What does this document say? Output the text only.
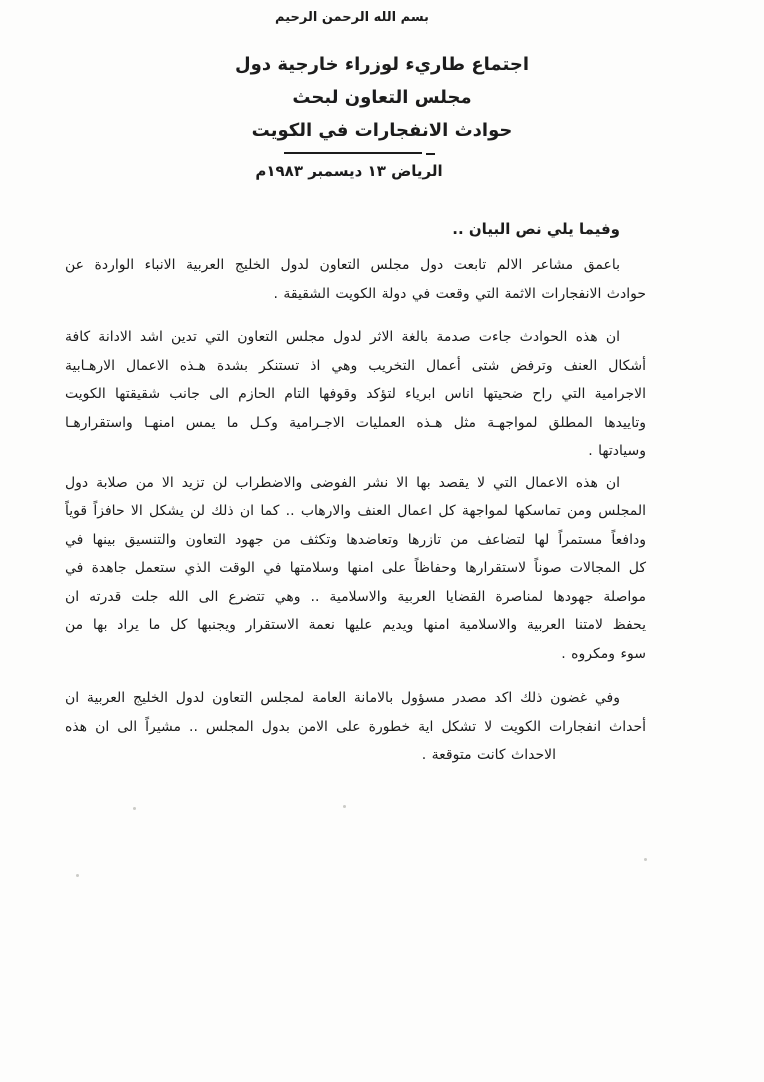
بسم الله الرحمن الرحيم
اجتماع طاريء لوزراء خارجية دول
مجلس التعاون لبحث
حوادث الانفجارات في الكويت
الرياض ١٣ ديسمبر ١٩٨٣م
وفيما يلي نص البيان ..
باعمق مشاعر الالم تابعت دول مجلس التعاون لدول الخليج العربية الانباء الواردة عن
حوادث الانفجارات الاثمة التي وقعت في دولة الكويت الشقيقة .
ان هذه الحوادث جاءت صدمة بالغة الاثر لدول مجلس التعاون التي تدين اشد الادانة كافة
أشكال العنف وترفض شتى أعمال التخريب وهي اذ تستنكر بشدة هـذه الاعمال الارهـابية
الاجرامية التي راح ضحيتها اناس ابرياء لتؤكد وقوفها التام الحازم الى جانب شقيقتها الكويت
وتاييدها المطلق لمواجهـة مثل هـذه العمليات الاجـرامية وكـل ما يمس امنهـا واستقرارهـا
وسيادتها .
ان هذه الاعمال التي لا يقصد بها الا نشر الفوضى والاضطراب لن تزيد الا من صلابة دول
المجلس ومن تماسكها لمواجهة كل اعمال العنف والارهاب .. كما ان ذلك لن يشكل الا حافزاً قوياً
ودافعاً مستمراً لها لتضاعف من تازرها وتعاضدها وتكثف من جهود التعاون والتنسيق بينها في
كل المجالات صوناً لاستقرارها وحفاظاً على امنها وسلامتها في الوقت الذي ستعمل جاهدة في
مواصلة جهودها لمناصرة القضايا العربية والاسلامية .. وهي تتضرع الى الله جلت قدرته ان
يحفظ لامتنا العربية والاسلامية امنها ويديم عليها نعمة الاستقرار ويجنبها كل ما يراد بها من
سوء ومكروه .
وفي غضون ذلك اكد مصدر مسؤول بالامانة العامة لمجلس التعاون لدول الخليج العربية ان
أحداث انفجارات الكويت لا تشكل اية خطورة على الامن بدول المجلس .. مشيراً الى ان هذه
الاحداث كانت متوقعة .
